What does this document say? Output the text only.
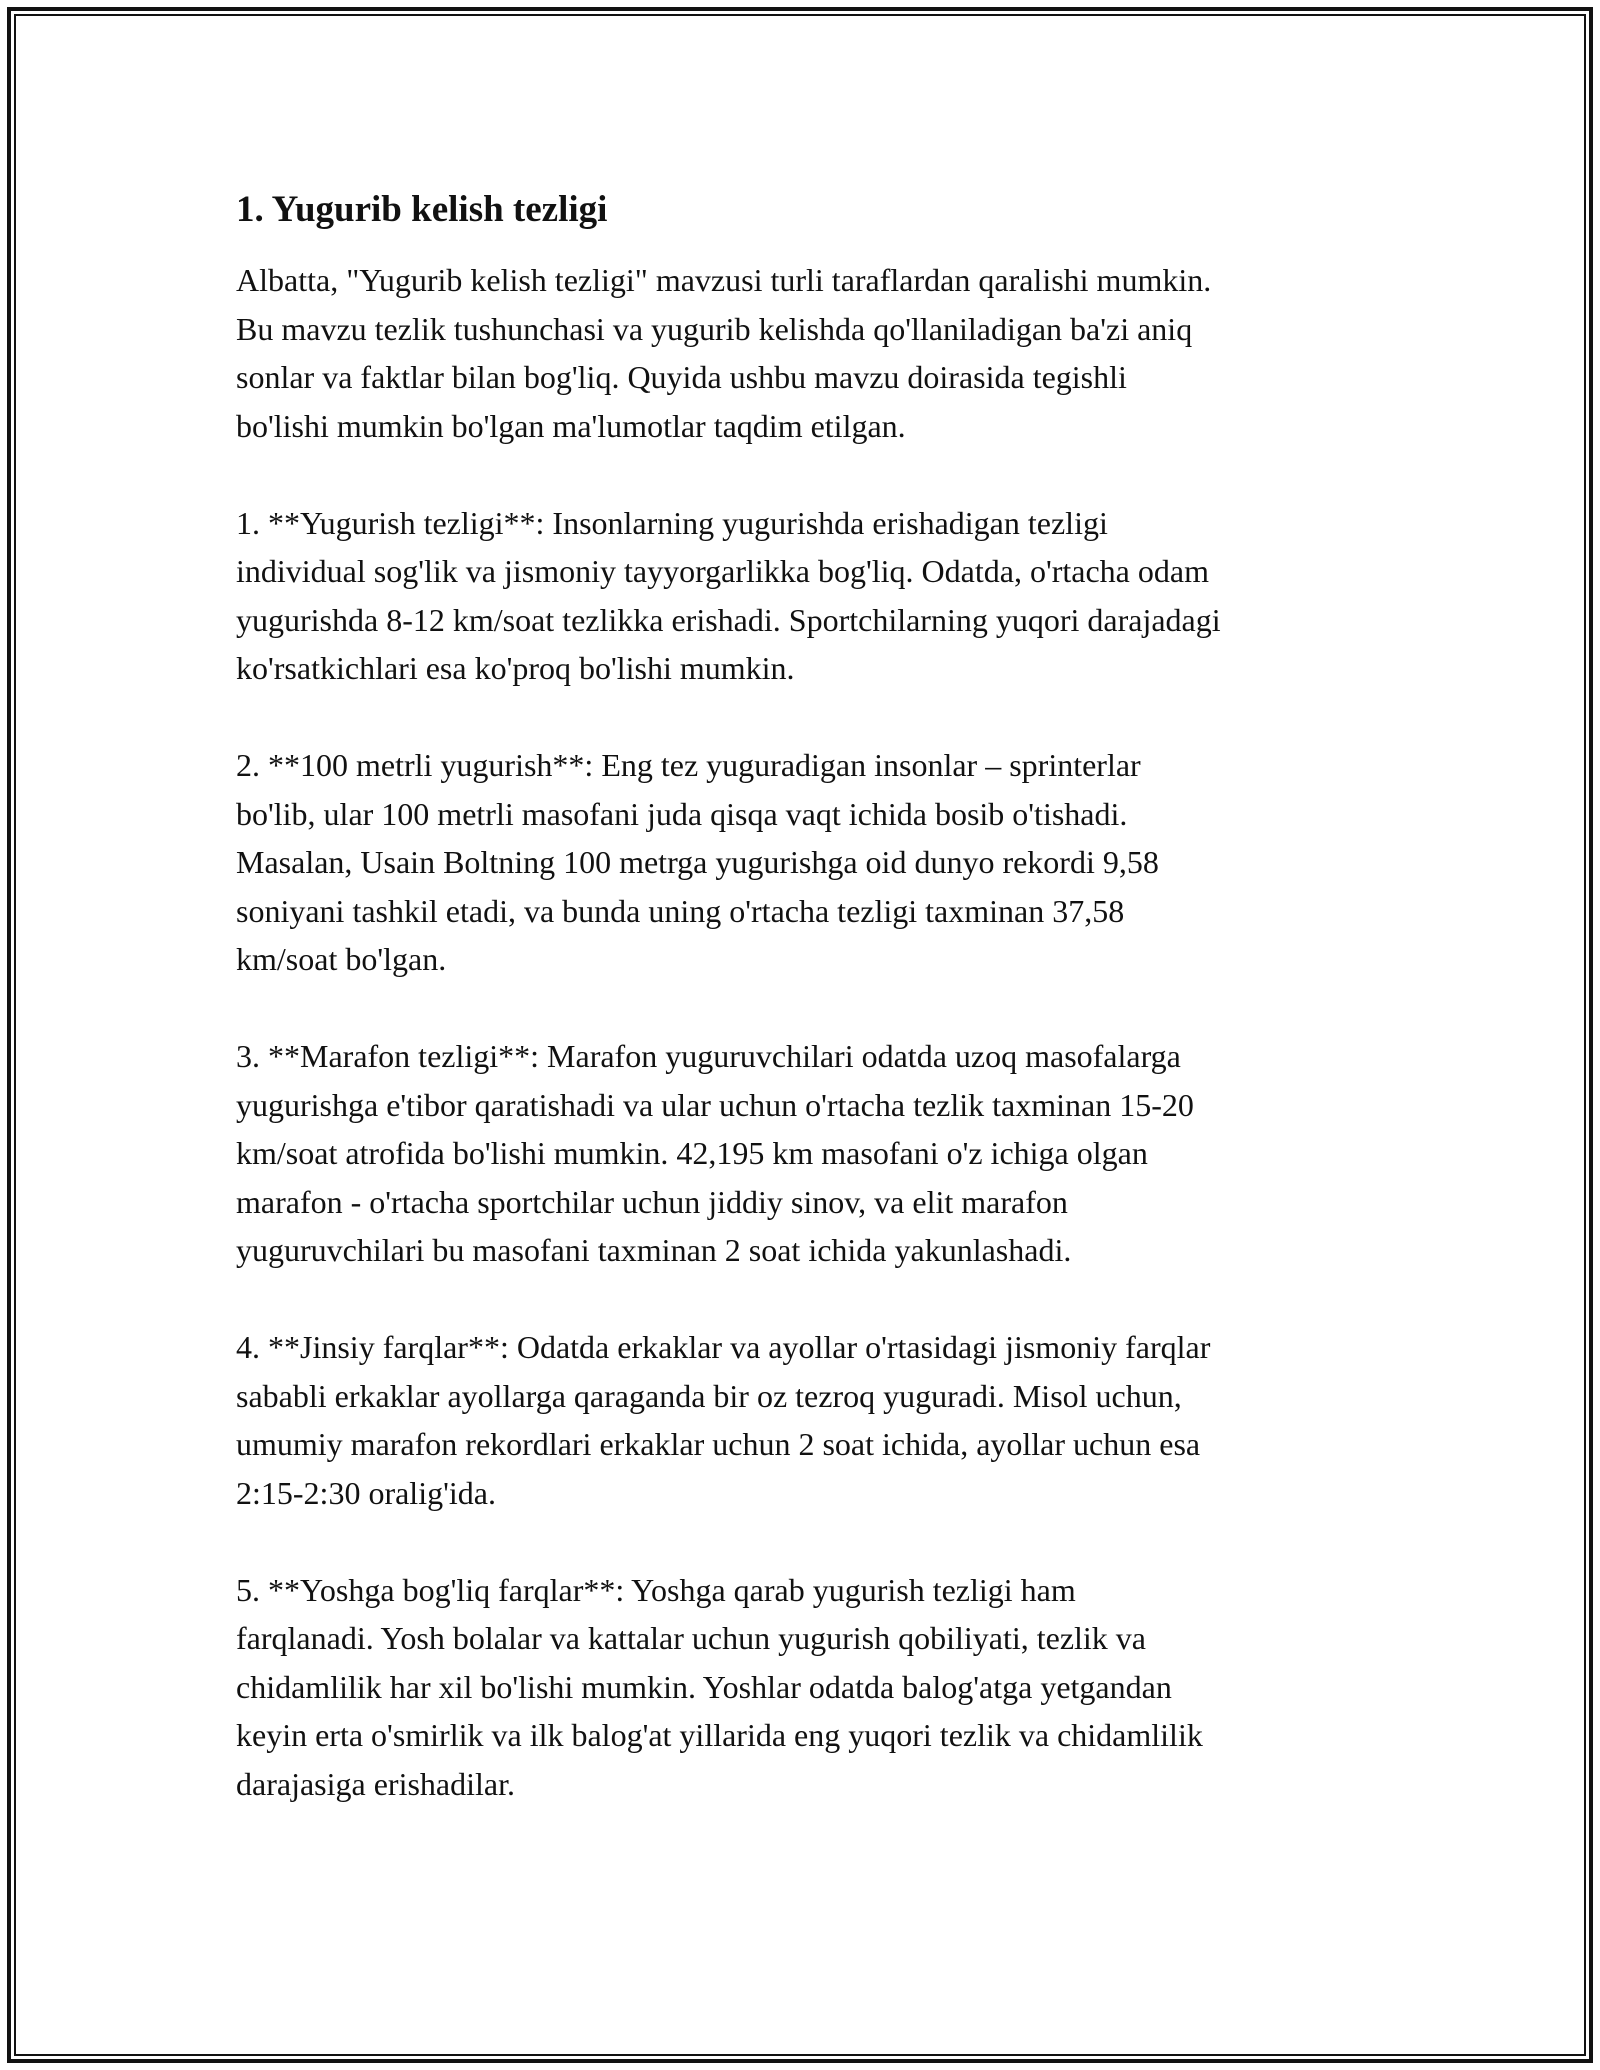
1. Yugurib kelish tezligi

Albatta, "Yugurib kelish tezligi" mavzusi turli taraflardan qaralishi mumkin.
Bu mavzu tezlik tushunchasi va yugurib kelishda qo'llaniladigan ba'zi aniq
sonlar va faktlar bilan bog'liq. Quyida ushbu mavzu doirasida tegishli
bo'lishi mumkin bo'lgan ma'lumotlar taqdim etilgan.

1. **Yugurish tezligi**: Insonlarning yugurishda erishadigan tezligi
individual sog'lik va jismoniy tayyorgarlikka bog'liq. Odatda, o'rtacha odam
yugurishda 8-12 km/soat tezlikka erishadi. Sportchilarning yuqori darajadagi
ko'rsatkichlari esa ko'proq bo'lishi mumkin.

2. **100 metrli yugurish**: Eng tez yuguradigan insonlar – sprinterlar
bo'lib, ular 100 metrli masofani juda qisqa vaqt ichida bosib o'tishadi.
Masalan, Usain Boltning 100 metrga yugurishga oid dunyo rekordi 9,58
soniyani tashkil etadi, va bunda uning o'rtacha tezligi taxminan 37,58
km/soat bo'lgan.

3. **Marafon tezligi**: Marafon yuguruvchilari odatda uzoq masofalarga
yugurishga e'tibor qaratishadi va ular uchun o'rtacha tezlik taxminan 15-20
km/soat atrofida bo'lishi mumkin. 42,195 km masofani o'z ichiga olgan
marafon - o'rtacha sportchilar uchun jiddiy sinov, va elit marafon
yuguruvchilari bu masofani taxminan 2 soat ichida yakunlashadi.

4. **Jinsiy farqlar**: Odatda erkaklar va ayollar o'rtasidagi jismoniy farqlar
sababli erkaklar ayollarga qaraganda bir oz tezroq yuguradi. Misol uchun,
umumiy marafon rekordlari erkaklar uchun 2 soat ichida, ayollar uchun esa
2:15-2:30 oralig'ida.

5. **Yoshga bog'liq farqlar**: Yoshga qarab yugurish tezligi ham
farqlanadi. Yosh bolalar va kattalar uchun yugurish qobiliyati, tezlik va
chidamlilik har xil bo'lishi mumkin. Yoshlar odatda balog'atga yetgandan
keyin erta o'smirlik va ilk balog'at yillarida eng yuqori tezlik va chidamlilik
darajasiga erishadilar.
